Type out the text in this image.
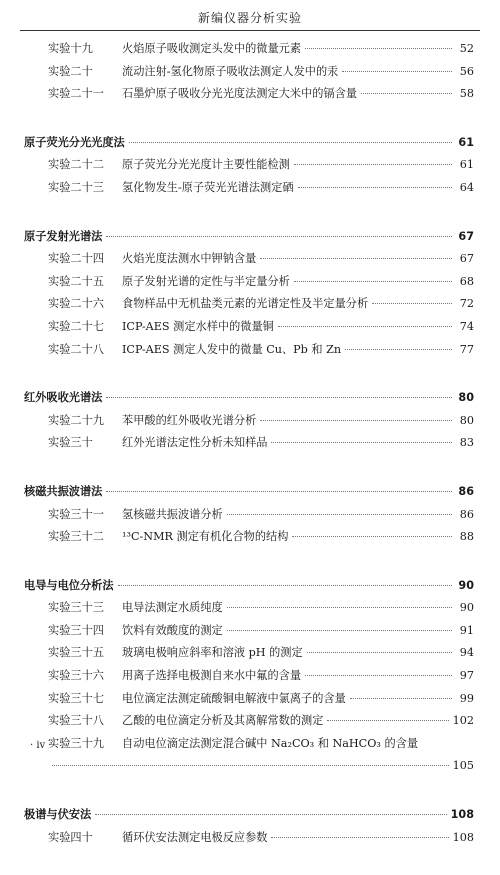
新编仪器分析实验
实验十九	火焰原子吸收测定头发中的微量元素	52
实验二十	流动注射-氢化物原子吸收法测定人发中的汞	56
实验二十一	石墨炉原子吸收分光光度法测定大米中的镉含量	58
原子荧光分光光度法	61
实验二十二	原子荧光分光光度计主要性能检测	61
实验二十三	氢化物发生-原子荧光光谱法测定硒	64
原子发射光谱法	67
实验二十四	火焰光度法测水中钾钠含量	67
实验二十五	原子发射光谱的定性与半定量分析	68
实验二十六	食物样品中无机盐类元素的光谱定性及半定量分析	72
实验二十七	ICP-AES 测定水样中的微量铜	74
实验二十八	ICP-AES 测定人发中的微量 Cu、Pb 和 Zn	77
红外吸收光谱法	80
实验二十九	苯甲酸的红外吸收光谱分析	80
实验三十	红外光谱法定性分析未知样品	83
核磁共振波谱法	86
实验三十一	氢核磁共振波谱分析	86
实验三十二	¹³C-NMR 测定有机化合物的结构	88
电导与电位分析法	90
实验三十三	电导法测定水质纯度	90
实验三十四	饮料有效酸度的测定	91
实验三十五	玻璃电极响应斜率和溶液 pH 的测定	94
实验三十六	用离子选择电极测自来水中氟的含量	97
实验三十七	电位滴定法测定硫酸铜电解液中氯离子的含量	99
实验三十八	乙酸的电位滴定分析及其离解常数的测定	102
实验三十九	自动电位滴定法测定混合碱中 Na₂CO₃ 和 NaHCO₃ 的含量
105
极谱与伏安法	108
实验四十	循环伏安法测定电极反应参数	108
· iv ·
